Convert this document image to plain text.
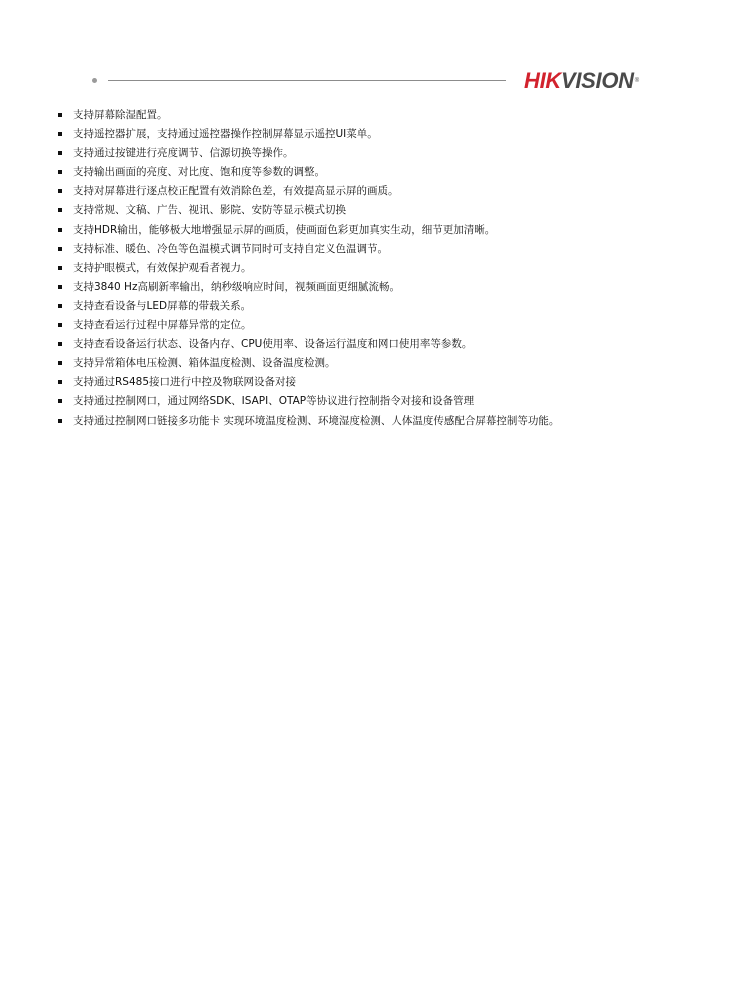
HIKVISION®
支持屏幕除湿配置。
支持遥控器扩展，支持通过遥控器操作控制屏幕显示遥控UI菜单。
支持通过按键进行亮度调节、信源切换等操作。
支持输出画面的亮度、对比度、饱和度等参数的调整。
支持对屏幕进行逐点校正配置有效消除色差，有效提高显示屏的画质。
支持常规、文稿、广告、视讯、影院、安防等显示模式切换
支持HDR输出，能够极大地增强显示屏的画质，使画面色彩更加真实生动，细节更加清晰。
支持标准、暖色、冷色等色温模式调节同时可支持自定义色温调节。
支持护眼模式，有效保护观看者视力。
支持3840 Hz高刷新率输出，纳秒级响应时间，视频画面更细腻流畅。
支持查看设备与LED屏幕的带载关系。
支持查看运行过程中屏幕异常的定位。
支持查看设备运行状态、设备内存、CPU使用率、设备运行温度和网口使用率等参数。
支持异常箱体电压检测、箱体温度检测、设备温度检测。
支持通过RS485接口进行中控及物联网设备对接
支持通过控制网口，通过网络SDK、ISAPI、OTAP等协议进行控制指令对接和设备管理
支持通过控制网口链接多功能卡 实现环境温度检测、环境湿度检测、人体温度传感配合屏幕控制等功能。
